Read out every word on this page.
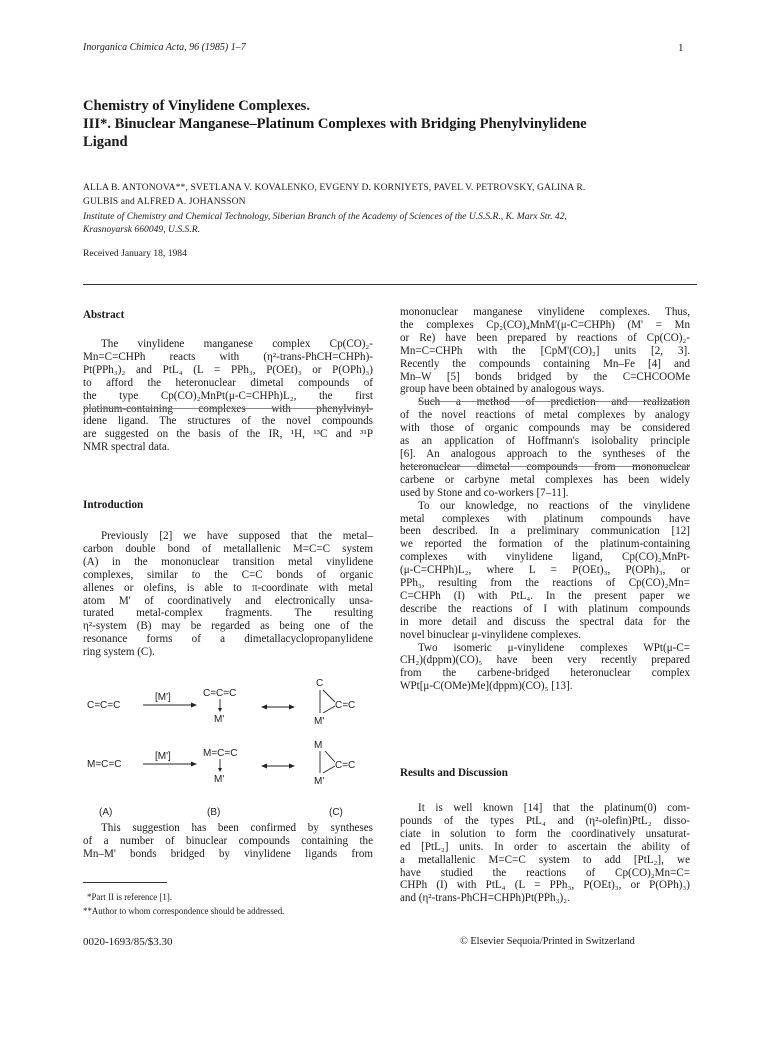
Inorganica Chimica Acta, 96 (1985) 1–7	1
Chemistry of Vinylidene Complexes.
III*. Binuclear Manganese–Platinum Complexes with Bridging Phenylvinylidene
Ligand
ALLA B. ANTONOVA**, SVETLANA V. KOVALENKO, EVGENY D. KORNIYETS, PAVEL V. PETROVSKY, GALINA R.
GULBIS and ALFRED A. JOHANSSON
Institute of Chemistry and Chemical Technology, Siberian Branch of the Academy of Sciences of the U.S.S.R., K. Marx Str. 42,
Krasnoyarsk 660049, U.S.S.R.
Received January 18, 1984
Abstract
The vinylidene manganese complex Cp(CO)₂-
Mn=C=CHPh reacts with (η²-trans-PhCH=CHPh)-
Pt(PPh₃)₂ and PtL₄ (L = PPh₃, P(OEt)₃ or P(OPh)₃)
to afford the heteronuclear dimetal compounds of
the type Cp(CO)₂MnPt(μ-C=CHPh)L₂, the first
platinum-containing complexes with phenylvinyl-
idene ligand. The structures of the novel compounds
are suggested on the basis of the IR, ¹H, ¹³C and ³¹P
NMR spectral data.
Introduction
Previously [2] we have supposed that the metal–
carbon double bond of metallallenic M=C=C system
(A) in the mononuclear transition metal vinylidene
complexes, similar to the C=C bonds of organic
allenes or olefins, is able to π-coordinate with metal
atom M' of coordinatively and electronically unsa-
turated metal-complex fragments. The resulting
η²-system (B) may be regarded as being one of the
resonance forms of a dimetallacyclopropanylidene
ring system (C).
C=C=C
[M']	C=C=C
M'
C
C=C
M'
M=C=C
[M']	M=C=C
M'
M
C=C
M'
(A)	(B)	(C)
This suggestion has been confirmed by syntheses
of a number of binuclear compounds containing the
Mn–M' bonds bridged by vinylidene ligands from
*Part II is reference [1].
**Author to whom correspondence should be addressed.
mononuclear manganese vinylidene complexes. Thus,
the complexes Cp₂(CO)₄MnM'(μ-C=CHPh) (M' = Mn
or Re) have been prepared by reactions of Cp(CO)₂-
Mn=C=CHPh with the [CpM'(CO)₂] units [2, 3].
Recently the compounds containing Mn–Fe [4] and
Mn–W [5] bonds bridged by the C=CHCOOMe
group have been obtained by analogous ways.
Such a method of prediction and realization
of the novel reactions of metal complexes by analogy
with those of organic compounds may be considered
as an application of Hoffmann's isolobality principle
[6]. An analogous approach to the syntheses of the
heteronuclear dimetal compounds from mononuclear
carbene or carbyne metal complexes has been widely
used by Stone and co-workers [7–11].
To our knowledge, no reactions of the vinylidene
metal complexes with platinum compounds have
been described. In a preliminary communication [12]
we reported the formation of the platinum-containing
complexes with vinylidene ligand, Cp(CO)₂MnPt-
(μ-C=CHPh)L₂, where L = P(OEt)₃, P(OPh)₃, or
PPh₃, resulting from the reactions of Cp(CO)₂Mn=
C=CHPh (I) with PtL₄. In the present paper we
describe the reactions of I with platinum compounds
in more detail and discuss the spectral data for the
novel binuclear μ-vinylidene complexes.
Two isomeric μ-vinylidene complexes WPt(μ-C=
CH₂)(dppm)(CO)₅ have been very recently prepared
from the carbene-bridged heteronuclear complex
WPt[μ-C(OMe)Me](dppm)(CO)₅ [13].
Results and Discussion
It is well known [14] that the platinum(0) com-
pounds of the types PtL₄ and (η²-olefin)PtL₂ disso-
ciate in solution to form the coordinatively unsaturat-
ed [PtL₂] units. In order to ascertain the ability of
a metallallenic M=C=C system to add [PtL₂], we
have studied the reactions of Cp(CO)₂Mn=C=
CHPh (I) with PtL₄ (L = PPh₃, P(OEt)₃, or P(OPh)₃)
and (η²-trans-PhCH=CHPh)Pt(PPh₃)₂.
0020-1693/85/$3.30	© Elsevier Sequoia/Printed in Switzerland
